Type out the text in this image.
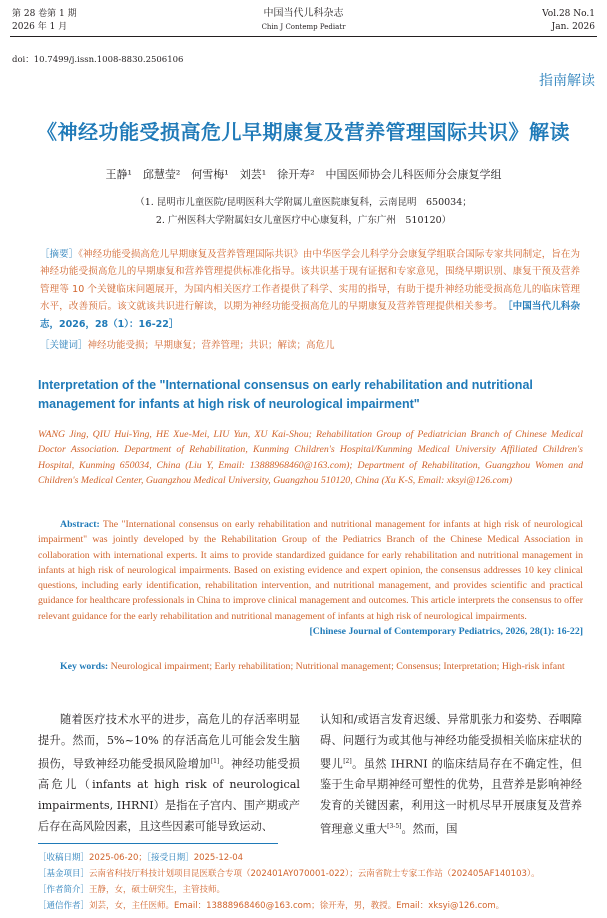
第 28 卷第 1 期
2026 年 1 月
中国当代儿科杂志
Chin J Contemp Pediatr
Vol.28 No.1
Jan. 2026
doi：10.7499/j.issn.1008-8830.2506106
指南解读
《神经功能受损高危儿早期康复及营养管理国际共识》解读
王静¹　邱慧莹²　何雪梅¹　刘芸¹　徐开寿²　中国医师协会儿科医师分会康复学组
（1. 昆明市儿童医院/昆明医科大学附属儿童医院康复科，云南昆明　650034；
2. 广州医科大学附属妇女儿童医疗中心康复科，广东广州　510120）
［摘要］《神经功能受损高危儿早期康复及营养管理国际共识》由中华医学会儿科学分会康复学组联合国际专家共同制定，旨在为神经功能受损高危儿的早期康复和营养管理提供标准化指导。该共识基于现有证据和专家意见，围绕早期识别、康复干预及营养管理等 10 个关键临床问题展开，为国内相关医疗工作者提供了科学、实用的指导，有助于提升神经功能受损高危儿的临床管理水平，改善预后。该文就该共识进行解读，以期为神经功能受损高危儿的早期康复及营养管理提供相关参考。　 ［中国当代儿科杂志，2026，28（1）：16-22］
［关键词］神经功能受损；早期康复；营养管理；共识；解读；高危儿
Interpretation of the "International consensus on early rehabilitation and nutritional management for infants at high risk of neurological impairment"
WANG Jing, QIU Hui-Ying, HE Xue-Mei, LIU Yun, XU Kai-Shou; Rehabilitation Group of Pediatrician Branch of Chinese Medical Doctor Association. Department of Rehabilitation, Kunming Children's Hospital/Kunming Medical University Affiliated Children's Hospital, Kunming 650034, China (Liu Y, Email: 13888968460@163.com); Department of Rehabilitation, Guangzhou Women and Children's Medical Center, Guangzhou Medical University, Guangzhou 510120, China (Xu K-S, Email: xksyi@126.com)
Abstract: The "International consensus on early rehabilitation and nutritional management for infants at high risk of neurological impairment" was jointly developed by the Rehabilitation Group of the Pediatrics Branch of the Chinese Medical Association in collaboration with international experts. It aims to provide standardized guidance for early rehabilitation and nutritional management in infants at high risk of neurological impairments. Based on existing evidence and expert opinion, the consensus addresses 10 key clinical questions, including early identification, rehabilitation intervention, and nutritional management, and provides scientific and practical guidance for healthcare professionals in China to improve clinical management and outcomes. This article interprets the consensus to offer relevant guidance for the early rehabilitation and nutritional management of infants at high risk of neurological impairments.
[Chinese Journal of Contemporary Pediatrics, 2026, 28(1): 16-22]
Key words: Neurological impairment; Early rehabilitation; Nutritional management; Consensus; Interpretation; High-risk infant
随着医疗技术水平的进步，高危儿的存活率明显提升。然而，5%~10% 的存活高危儿可能会发生脑损伤，导致神经功能受损风险增加[1]。神经功能受损高危儿（infants at high risk of neurological impairments, IHRNI）是指在子宫内、围产期或产后存在高风险因素，且这些因素可能导致运动、
认知和/或语言发育迟缓、异常肌张力和姿势、吞咽障碍、问题行为或其他与神经功能受损相关临床症状的婴儿[2]。虽然 IHRNI 的临床结局存在不确定性，但鉴于生命早期神经可塑性的优势，且营养是影响神经发育的关键因素，利用这一时机尽早开展康复及营养管理意义重大[3-5]。然而，国
［收稿日期］2025-06-20；［接受日期］2025-12-04
［基金项目］云南省科技厅科技计划项目昆医联合专项（202401AY070001-022）；云南省院士专家工作站（202405AF140103）。
［作者简介］王静，女，硕士研究生，主管技师。
［通信作者］刘芸，女，主任医师。Email：13888968460@163.com；徐开寿，男，教授。Email：xksyi@126.com。
